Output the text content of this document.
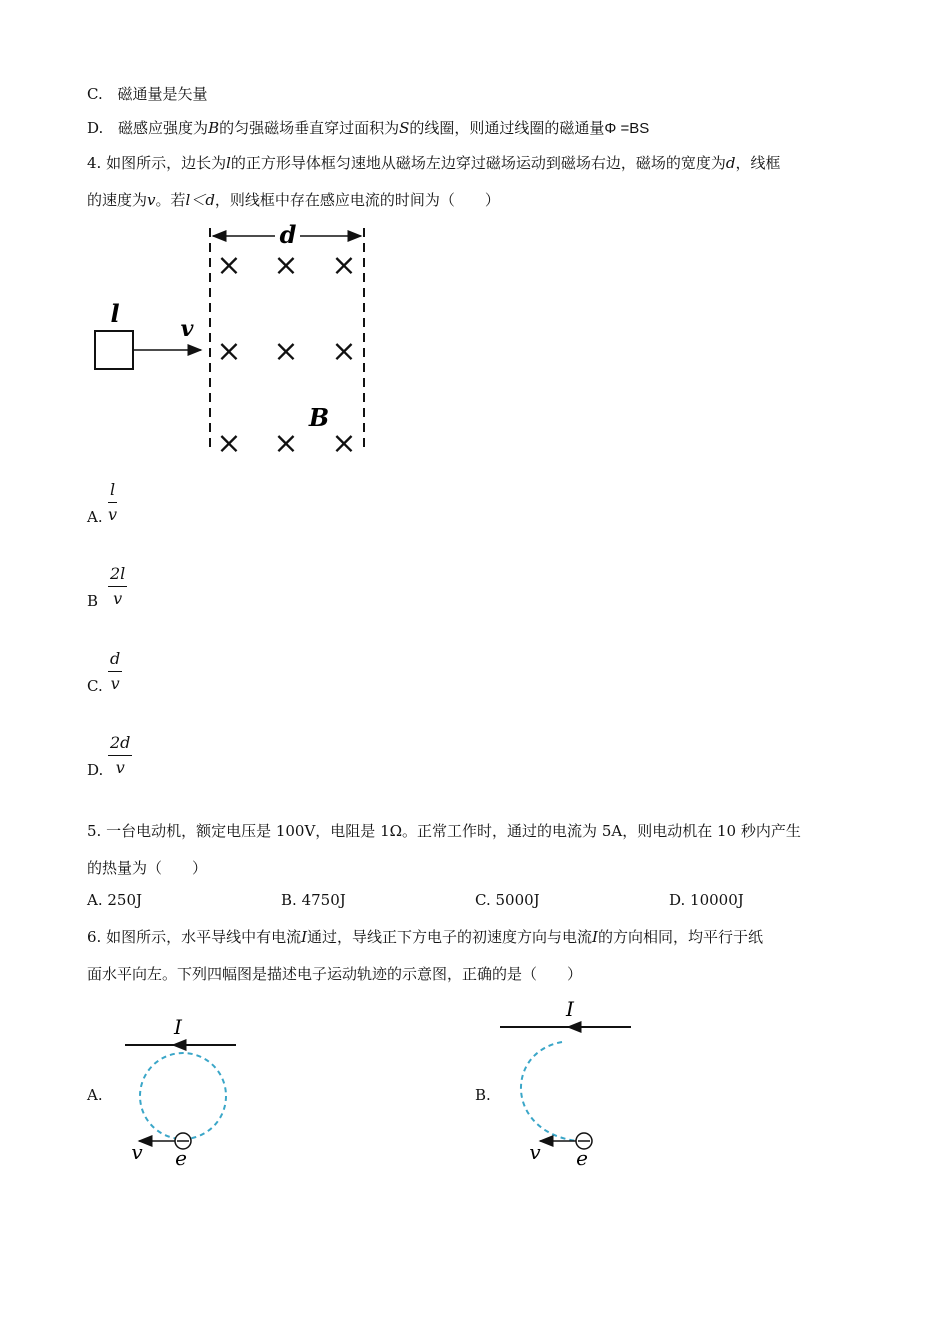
C. 磁通量是矢量
D. 磁感应强度为B的匀强磁场垂直穿过面积为S的线圈，则通过线圈的磁通量Φ =BS
4. 如图所示，边长为l的正方形导体框匀速地从磁场左边穿过磁场运动到磁场右边，磁场的宽度为d，线框
的速度为v。若l＜d，则线框中存在感应电流的时间为（　　）
d
× × ×
× × ×
× × ×
B
l
v
A.
l
v
B
2l
v
C.
d
v
D.
2d
v
5. 一台电动机，额定电压是 100V，电阻是 1Ω。正常工作时，通过的电流为 5A，则电动机在 10 秒内产生
的热量为（　　）
A. 250J	B. 4750J	C. 5000J	D. 10000J
6. 如图所示，水平导线中有电流I通过，导线正下方电子的初速度方向与电流I的方向相同，均平行于纸
面水平向左。下列四幅图是描述电子运动轨迹的示意图，正确的是（　　）
A.
I
v e
B.
I
v e
